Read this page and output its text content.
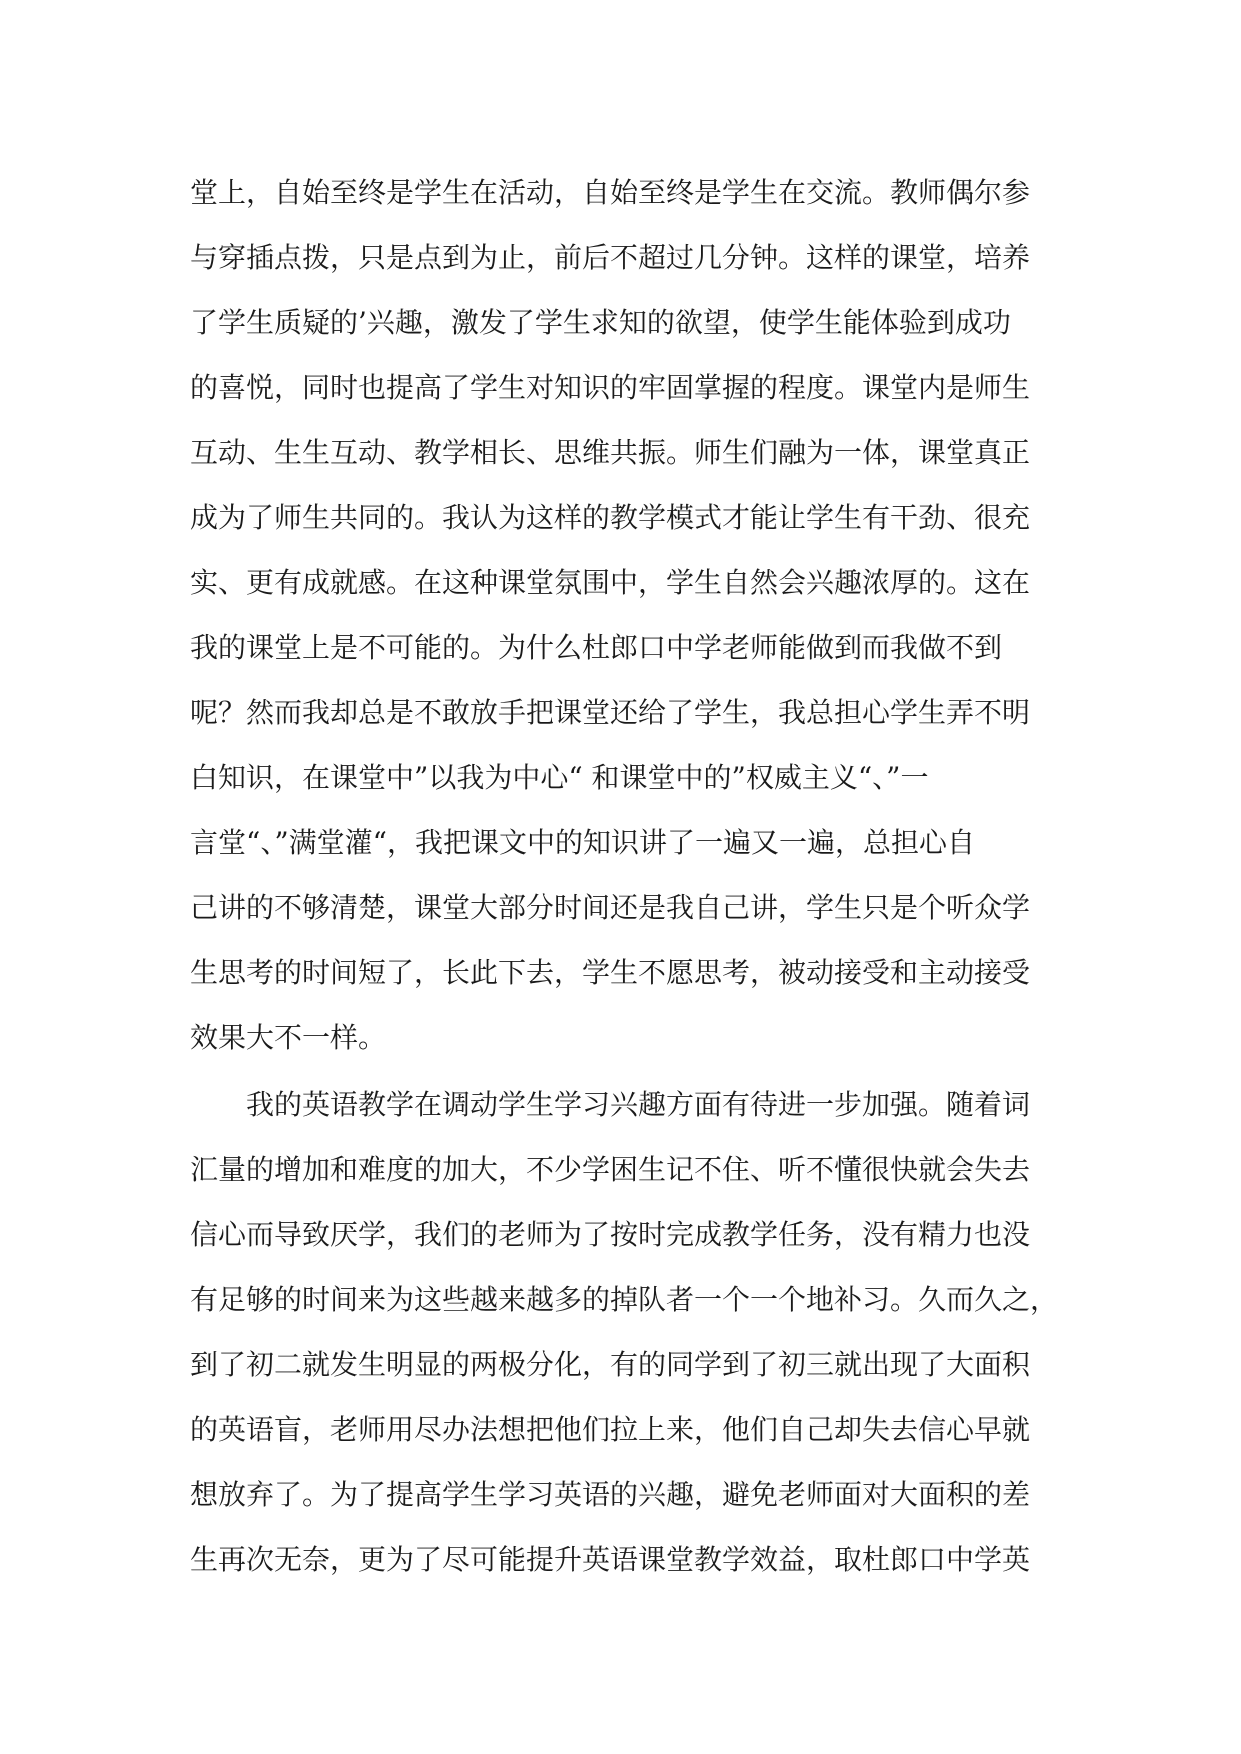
堂上，自始至终是学生在活动，自始至终是学生在交流。教师偶尔参
与穿插点拨，只是点到为止，前后不超过几分钟。这样的课堂，培养
了学生质疑的’兴趣，激发了学生求知的欲望，使学生能体验到成功
的喜悦，同时也提高了学生对知识的牢固掌握的程度。课堂内是师生
互动、生生互动、教学相长、思维共振。师生们融为一体，课堂真正
成为了师生共同的。我认为这样的教学模式才能让学生有干劲、很充
实、更有成就感。在这种课堂氛围中，学生自然会兴趣浓厚的。这在
我的课堂上是不可能的。为什么杜郎口中学老师能做到而我做不到
呢？然而我却总是不敢放手把课堂还给了学生，我总担心学生弄不明
白知识，在课堂中”以我为中心“ 和课堂中的”权威主义“、”一
言堂“、”满堂灌“，我把课文中的知识讲了一遍又一遍，总担心自
己讲的不够清楚，课堂大部分时间还是我自己讲，学生只是个听众学
生思考的时间短了，长此下去，学生不愿思考，被动接受和主动接受
效果大不一样。
我的英语教学在调动学生学习兴趣方面有待进一步加强。随着词
汇量的增加和难度的加大，不少学困生记不住、听不懂很快就会失去
信心而导致厌学，我们的老师为了按时完成教学任务，没有精力也没
有足够的时间来为这些越来越多的掉队者一个一个地补习。久而久之，
到了初二就发生明显的两极分化，有的同学到了初三就出现了大面积
的英语盲，老师用尽办法想把他们拉上来，他们自己却失去信心早就
想放弃了。为了提高学生学习英语的兴趣，避免老师面对大面积的差
生再次无奈，更为了尽可能提升英语课堂教学效益，取杜郎口中学英
